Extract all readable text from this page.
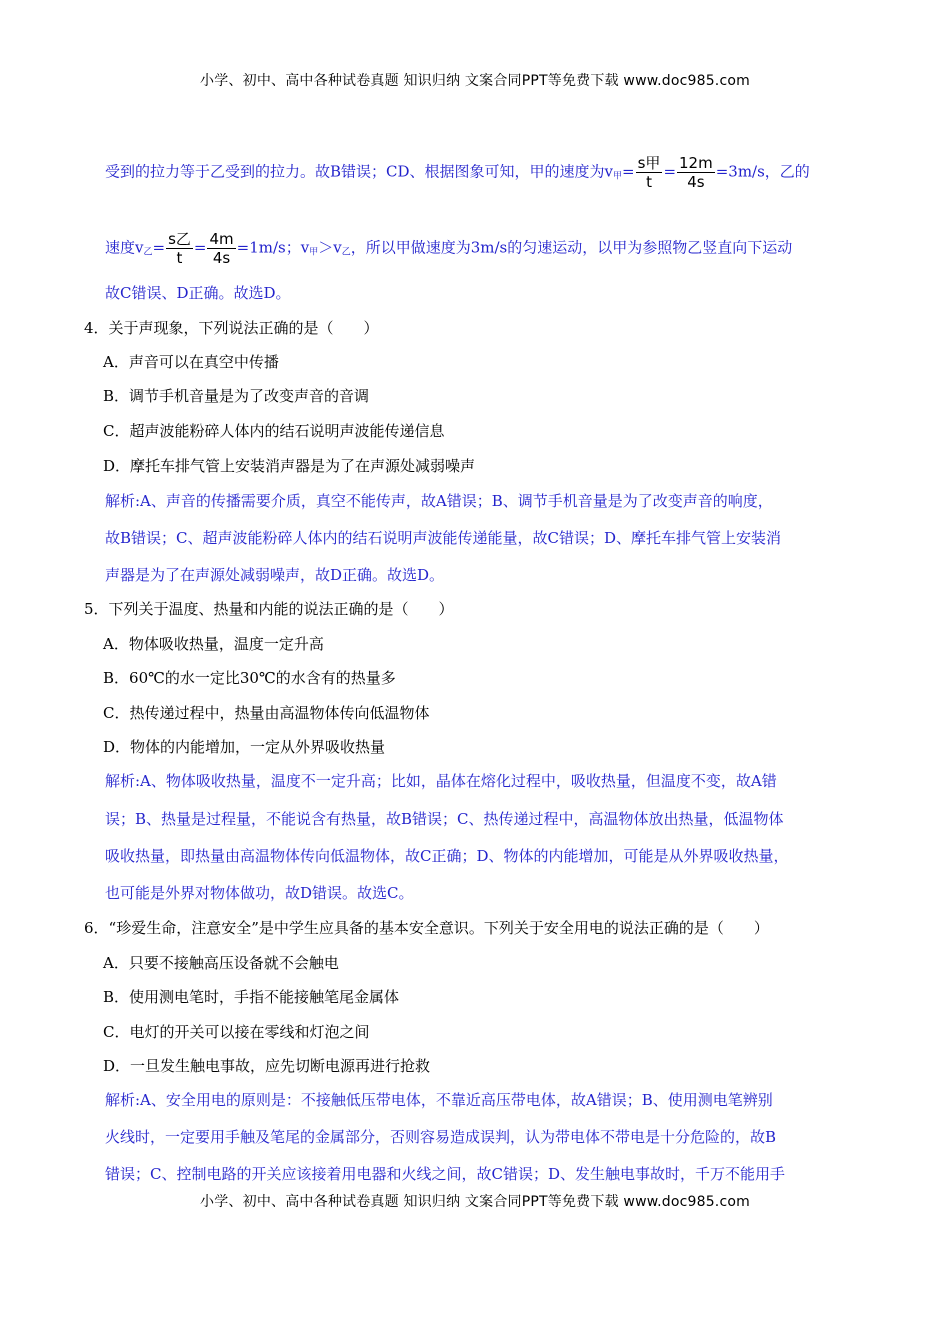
小学、初中、高中各种试卷真题 知识归纳 文案合同PPT等免费下载 www.doc985.com
受到的拉力等于乙受到的拉力。故B错误；CD、根据图象可知，甲的速度为$v_甲= \frac{\text{s甲}}{t} = \frac{12m}{4s} =3m/s$，乙的
速度$v_乙= \frac{\text{s乙}}{t} = \frac{4m}{4s} =1m/s$；$v_甲>v_乙$，所以甲做速度为3m/s的匀速运动，以甲为参照物乙竖直向下运动
故C错误、D正确。故选D。
4．关于声现象，下列说法正确的是（　　）
A．声音可以在真空中传播
B．调节手机音量是为了改变声音的音调
C．超声波能粉碎人体内的结石说明声波能传递信息
D．摩托车排气管上安装消声器是为了在声源处减弱噪声
解析:A、声音的传播需要介质，真空不能传声，故A错误；B、调节手机音量是为了改变声音的响度，
故B错误；C、超声波能粉碎人体内的结石说明声波能传递能量，故C错误；D、摩托车排气管上安装消
声器是为了在声源处减弱噪声，故D正确。故选D。
5．下列关于温度、热量和内能的说法正确的是（　　）
A．物体吸收热量，温度一定升高
B．60℃的水一定比30℃的水含有的热量多
C．热传递过程中，热量由高温物体传向低温物体
D．物体的内能增加，一定从外界吸收热量
解析:A、物体吸收热量，温度不一定升高；比如，晶体在熔化过程中，吸收热量，但温度不变，故A错
误；B、热量是过程量，不能说含有热量，故B错误；C、热传递过程中，高温物体放出热量，低温物体
吸收热量，即热量由高温物体传向低温物体，故C正确；D、物体的内能增加，可能是从外界吸收热量，
也可能是外界对物体做功，故D错误。故选C。
6．“珍爱生命，注意安全”是中学生应具备的基本安全意识。下列关于安全用电的说法正确的是（　　）
A．只要不接触高压设备就不会触电
B．使用测电笔时，手指不能接触笔尾金属体
C．电灯的开关可以接在零线和灯泡之间
D．一旦发生触电事故，应先切断电源再进行抢救
解析:A、安全用电的原则是：不接触低压带电体，不靠近高压带电体，故A错误；B、使用测电笔辨别
火线时，一定要用手触及笔尾的金属部分，否则容易造成误判，认为带电体不带电是十分危险的，故B
错误；C、控制电路的开关应该接着用电器和火线之间，故C错误；D、发生触电事故时，千万不能用手
小学、初中、高中各种试卷真题 知识归纳 文案合同PPT等免费下载 www.doc985.com
